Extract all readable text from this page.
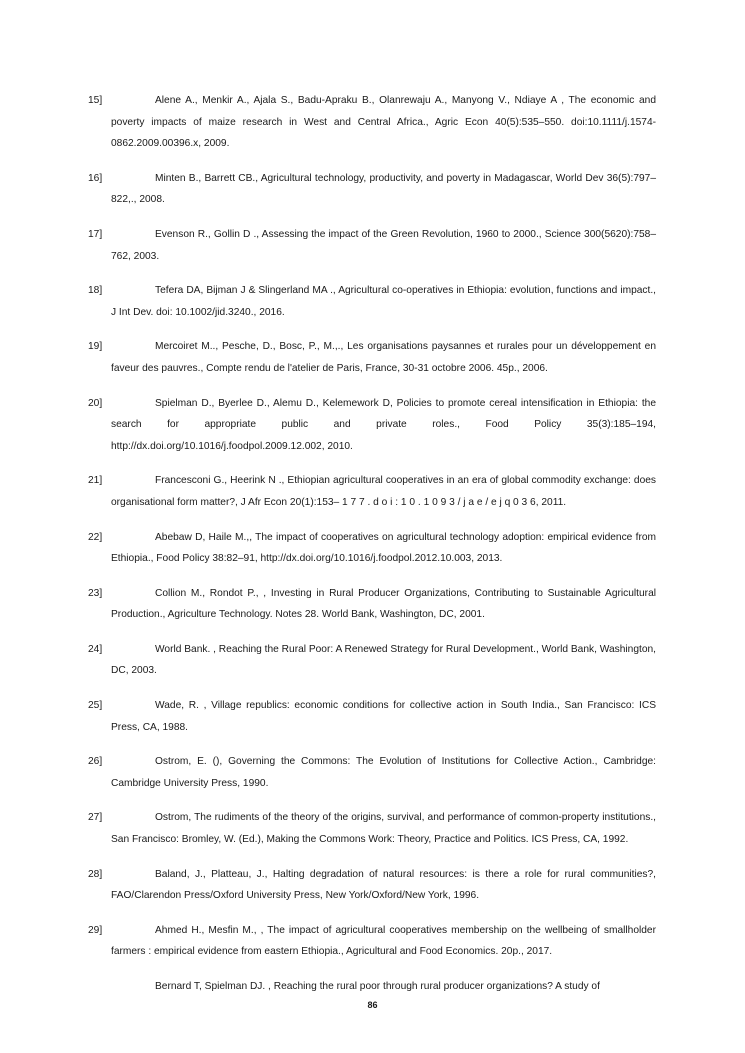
15]	Alene A., Menkir A., Ajala S., Badu-Apraku B., Olanrewaju A., Manyong V., Ndiaye A , The economic and poverty impacts of maize research in West and Central Africa., Agric Econ 40(5):535–550. doi:10.1111/j.1574-0862.2009.00396.x, 2009.
16]	Minten B., Barrett CB., Agricultural technology, productivity, and poverty in Madagascar, World Dev 36(5):797–822,., 2008.
17]	Evenson R., Gollin D ., Assessing the impact of the Green Revolution, 1960 to 2000., Science 300(5620):758–762, 2003.
18]	Tefera DA, Bijman J & Slingerland MA ., Agricultural co-operatives in Ethiopia: evolution, functions and impact., J Int Dev. doi: 10.1002/jid.3240., 2016.
19]	Mercoiret M.., Pesche, D., Bosc, P., M.,., Les organisations paysannes et rurales pour un développement en faveur des pauvres., Compte rendu de l'atelier de Paris, France, 30-31 octobre 2006. 45p., 2006.
20]	Spielman D., Byerlee D., Alemu D., Kelemework D, Policies to promote cereal intensification in Ethiopia: the search for appropriate public and private roles., Food Policy 35(3):185–194, http://dx.doi.org/10.1016/j.foodpol.2009.12.002, 2010.
21]	Francesconi G., Heerink N ., Ethiopian agricultural cooperatives in an era of global commodity exchange: does organisational form matter?, J Afr Econ 20(1):153– 1 7 7 . d o i : 1 0 . 1 0 9 3 / j a e / e j q 0 3 6, 2011.
22]	Abebaw D, Haile M.,, The impact of cooperatives on agricultural technology adoption: empirical evidence from Ethiopia., Food Policy 38:82–91, http://dx.doi.org/10.1016/j.foodpol.2012.10.003, 2013.
23]	Collion M., Rondot P., , Investing in Rural Producer Organizations, Contributing to Sustainable Agricultural Production., Agriculture Technology. Notes 28. World Bank, Washington, DC, 2001.
24]	World Bank. , Reaching the Rural Poor: A Renewed Strategy for Rural Development., World Bank, Washington, DC, 2003.
25]	Wade, R. , Village republics: economic conditions for collective action in South India., San Francisco: ICS Press, CA, 1988.
26]	Ostrom, E. (), Governing the Commons: The Evolution of Institutions for Collective Action., Cambridge: Cambridge University Press, 1990.
27]	Ostrom, The rudiments of the theory of the origins, survival, and performance of common-property institutions., San Francisco: Bromley, W. (Ed.), Making the Commons Work: Theory, Practice and Politics. ICS Press, CA, 1992.
28]	Baland, J., Platteau, J., Halting degradation of natural resources: is there a role for rural communities?, FAO/Clarendon Press/Oxford University Press, New York/Oxford/New York, 1996.
29]	Ahmed H., Mesfin M., , The impact of agricultural cooperatives membership on the wellbeing of smallholder farmers : empirical evidence from eastern Ethiopia., Agricultural and Food Economics. 20p., 2017.
Bernard T, Spielman DJ. , Reaching the rural poor through rural producer organizations? A study of
86
